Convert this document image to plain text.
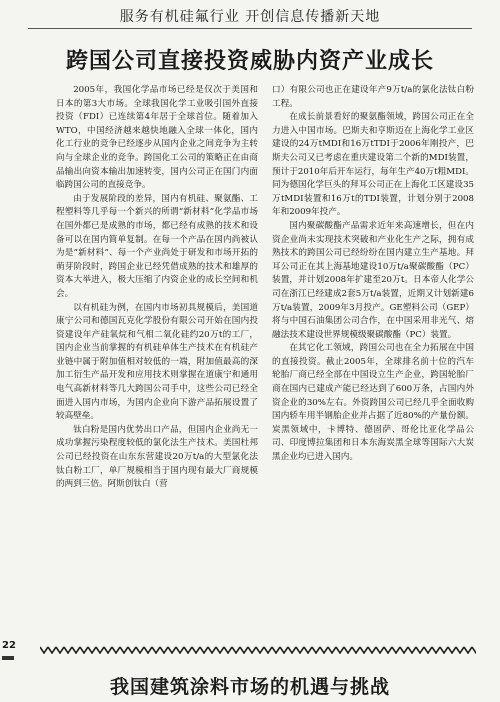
服务有机硅氟行业 开创信息传播新天地
跨国公司直接投资威胁内资产业成长

2005年，我国化学品市场已经是仅次于美国和日本的第3大市场。全球我国化学工业吸引国外直接投资（FDI）已连续第4年居于全球首位。随着加入WTO，中国经济越来越快地融入全球一体化，国内化工行业的竞争已经逐步从国内企业之间竞争为主转向与全球企业的竞争。跨国化工公司的策略正在由商品输出向资本输出加速转变，国内公司正在国门内面临跨国公司的直接竞争。

由于发展阶段的差异，国内有机硅、聚氨酯、工程塑料等几乎每一个新兴的所谓“新材料”化学品市场在国外都已是成熟的市场，都已经有成熟的技术和设备可以在国内简单复制。在每一个产品在国内尚被认为是“新材料”、每一个产业尚处于研发和市场开拓的萌芽阶段时，跨国企业已经凭借成熟的技术和雄厚的资本大举进入，极大压缩了内资企业的成长空间和机会。

以有机硅为例，在国内市场初具规模后，美国道康宁公司和德国瓦克化学股份有限公司开始在国内投资建设年产硅氧烷和气相二氧化硅约20万t的工厂，国内企业当前掌握的有机硅单体生产技术在有机硅产业链中属于附加值相对较低的一端，附加值最高的深加工衍生产品开发和应用技术则掌握在道康宁和通用电气高新材料等几大跨国公司手中，这些公司已经全面进入国内市场，为国内企业向下游产品拓展设置了较高壁垒。

钛白粉是国内优势出口产品，但国内企业尚无一成功掌握污染程度较低的氯化法生产技术。美国杜邦公司已经投资在山东东营建设20万t/a的大型氯化法钛白粉工厂，单厂规模相当于国内现有最大厂商规模的两到三倍。阿斯创钛白（营

口）有限公司也正在建设年产9万t/a的氯化法钛白粉工程。

在成长前景看好的聚氨酯领域，跨国公司正在全力进入中国市场。巴斯夫和亨斯迈在上海化学工业区建设的24万tMDI和16万tTDI于2006年刚投产，巴斯夫公司又已考虑在重庆建设第二个新的MDI装置，预计于2010年后开车运行，每年生产40万t粗MDI。同为德国化学巨头的拜耳公司正在上海化工区建设35万tMDI装置和16万t的TDI装置，计划分别于2008年和2009年投产。

国内聚碳酸酯产品需求近年来高速增长，但在内资企业尚未实现技术突破和产业化生产之际，拥有成熟技术的跨国公司已经纷纷在国内建立生产基地。拜耳公司正在其上海基地建设10万t/a聚碳酸酯（PC）装置，并计划2008年扩建至20万t。日本帝人化学公司在浙江已经建成2套5万t/a装置，近期又计划新建6万t/a装置，2009年3月投产。GE塑料公司（GEP）将与中国石油集团公司合作，在中国采用非光气、熔融法技术建设世界规模级聚碳酸酯（PC）装置。

在其它化工领域，跨国公司也在全力拓展在中国的直接投资。截止2005年，全球排名前十位的汽车轮胎厂商已经全部在中国设立生产企业，跨国轮胎厂商在国内已建成产能已经达到了600万条，占国内外资企业的30%左右。外资跨国公司已经几乎全面收购国内轿车用半钢胎企业并占据了近80%的产量份额。炭黑领域中，卡博特、德固萨、哥伦比亚化学品公司、印度博拉集团和日本东海炭黑全球等国际六大炭黑企业均已进入国内。

22
我国建筑涂料市场的机遇与挑战
